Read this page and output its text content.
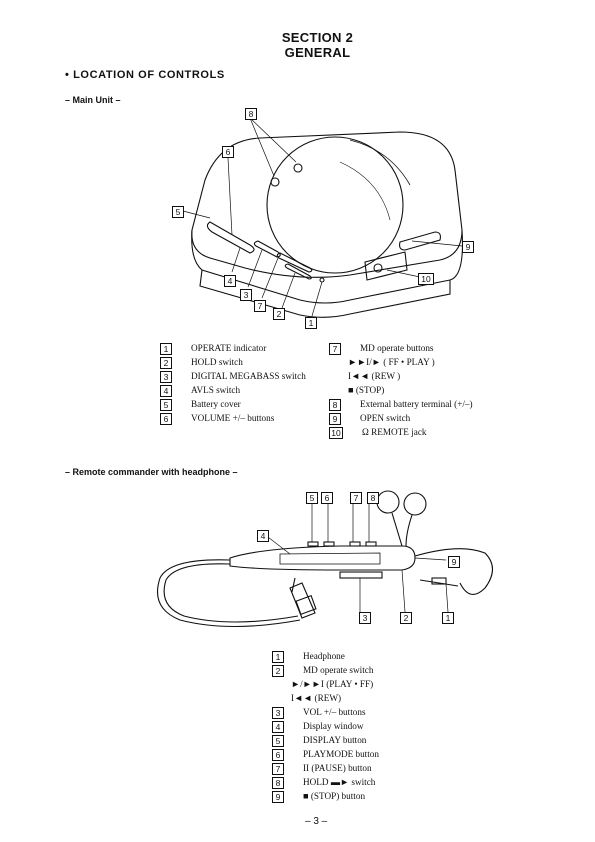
SECTION 2
GENERAL
• LOCATION OF CONTROLS
– Main Unit –
8
6
5
9
10
4
3
7
2
1
1 OPERATE indicator
2 HOLD switch
3 DIGITAL MEGABASS switch
4 AVLS switch
5 Battery cover
6 VOLUME +/– buttons
7 MD operate buttons
►►I/► ( FF • PLAY )
I◄◄ (REW )
■ (STOP)
8 External battery terminal (+/–)
9 OPEN switch
10 Ω REMOTE jack
– Remote commander with headphone –
5	6	7	8
4
9
3	2	1
1 Headphone
2 MD operate switch
►/►►I (PLAY • FF)
I◄◄ (REW)
3 VOL +/– buttons
4 Display window
5 DISPLAY button
6 PLAYMODE button
7 II (PAUSE) button
8 HOLD ▬► switch
9 ■ (STOP) button
– 3 –
